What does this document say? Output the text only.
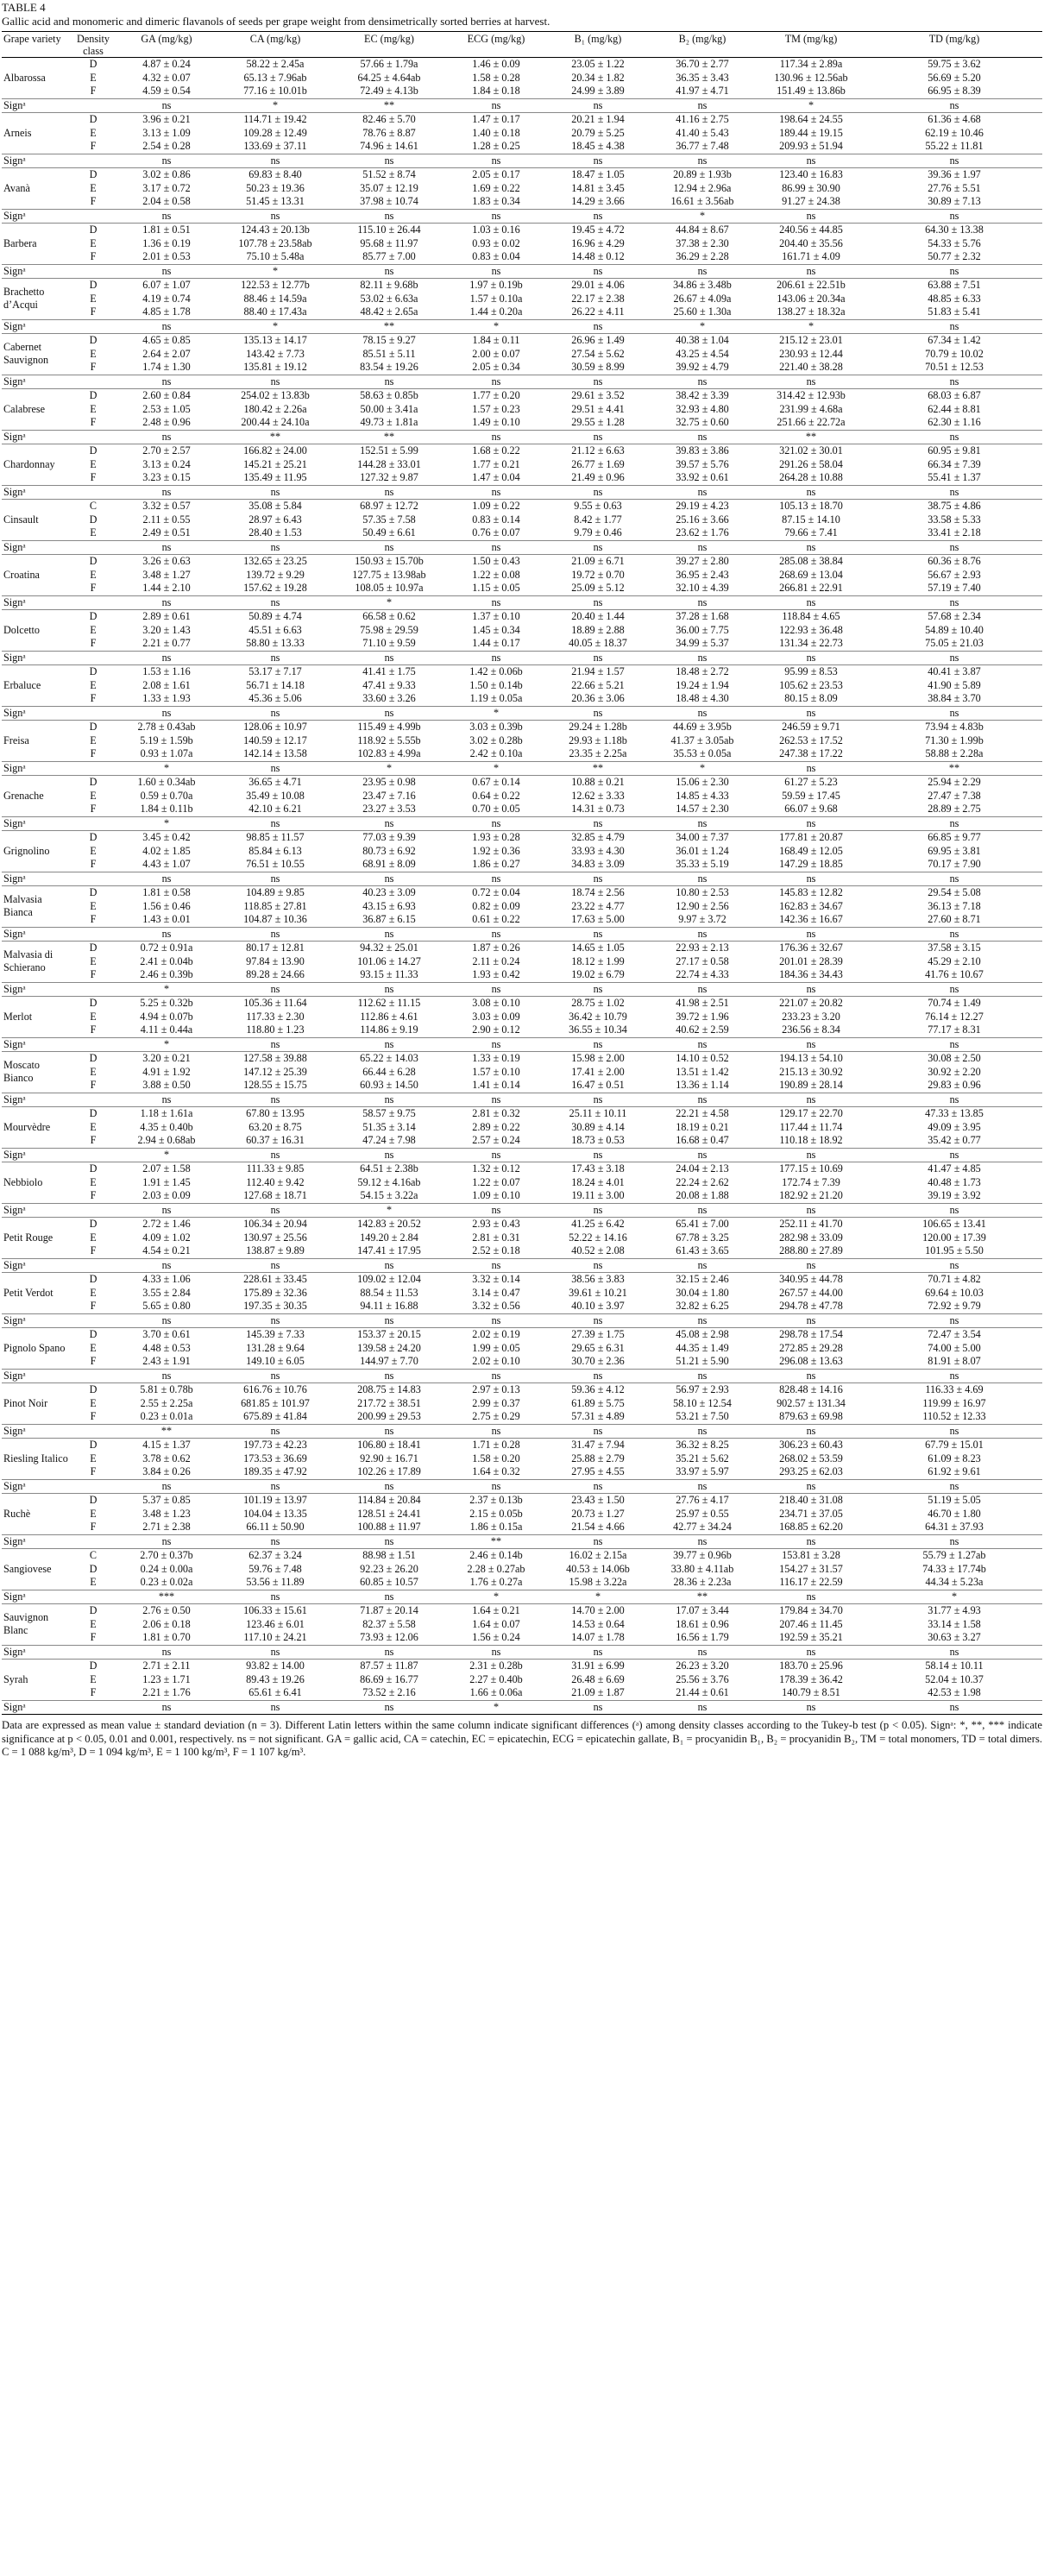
TABLE 4
Gallic acid and monomeric and dimeric flavanols of seeds per grape weight from densimetrically sorted berries at harvest.
Grape variety	Density class	GA (mg/kg)	CA (mg/kg)	EC (mg/kg)	ECG (mg/kg)	B₁ (mg/kg)	B₂ (mg/kg)	TM (mg/kg)	TD (mg/kg)
Albarossa	D	4.87 ± 0.24	58.22 ± 2.45a	57.66 ± 1.79a	1.46 ± 0.09	23.05 ± 1.22	36.70 ± 2.77	117.34 ± 2.89a	59.75 ± 3.62
	E	4.32 ± 0.07	65.13 ± 7.96ab	64.25 ± 4.64ab	1.58 ± 0.28	20.34 ± 1.82	36.35 ± 3.43	130.96 ± 12.56ab	56.69 ± 5.20
	F	4.59 ± 0.54	77.16 ± 10.01b	72.49 ± 4.13b	1.84 ± 0.18	24.99 ± 3.89	41.97 ± 4.71	151.49 ± 13.86b	66.95 ± 8.39
Signᵃ		ns	*	**	ns	ns	ns	*	ns
Arneis	D	3.96 ± 0.21	114.71 ± 19.42	82.46 ± 5.70	1.47 ± 0.17	20.21 ± 1.94	41.16 ± 2.75	198.64 ± 24.55	61.36 ± 4.68
	E	3.13 ± 1.09	109.28 ± 12.49	78.76 ± 8.87	1.40 ± 0.18	20.79 ± 5.25	41.40 ± 5.43	189.44 ± 19.15	62.19 ± 10.46
	F	2.54 ± 0.28	133.69 ± 37.11	74.96 ± 14.61	1.28 ± 0.25	18.45 ± 4.38	36.77 ± 7.48	209.93 ± 51.94	55.22 ± 11.81
Signᵃ		ns	ns	ns	ns	ns	ns	ns	ns
Avanà	D	3.02 ± 0.86	69.83 ± 8.40	51.52 ± 8.74	2.05 ± 0.17	18.47 ± 1.05	20.89 ± 1.93b	123.40 ± 16.83	39.36 ± 1.97
	E	3.17 ± 0.72	50.23 ± 19.36	35.07 ± 12.19	1.69 ± 0.22	14.81 ± 3.45	12.94 ± 2.96a	86.99 ± 30.90	27.76 ± 5.51
	F	2.04 ± 0.58	51.45 ± 13.31	37.98 ± 10.74	1.83 ± 0.34	14.29 ± 3.66	16.61 ± 3.56ab	91.27 ± 24.38	30.89 ± 7.13
Signᵃ		ns	ns	ns	ns	ns	*	ns	ns
Barbera	D	1.81 ± 0.51	124.43 ± 20.13b	115.10 ± 26.44	1.03 ± 0.16	19.45 ± 4.72	44.84 ± 8.67	240.56 ± 44.85	64.30 ± 13.38
	E	1.36 ± 0.19	107.78 ± 23.58ab	95.68 ± 11.97	0.93 ± 0.02	16.96 ± 4.29	37.38 ± 2.30	204.40 ± 35.56	54.33 ± 5.76
	F	2.01 ± 0.53	75.10 ± 5.48a	85.77 ± 7.00	0.83 ± 0.04	14.48 ± 0.12	36.29 ± 2.28	161.71 ± 4.09	50.77 ± 2.32
Signᵃ		ns	*	ns	ns	ns	ns	ns	ns
Brachetto d’Acqui	D	6.07 ± 1.07	122.53 ± 12.77b	82.11 ± 9.68b	1.97 ± 0.19b	29.01 ± 4.06	34.86 ± 3.48b	206.61 ± 22.51b	63.88 ± 7.51
	E	4.19 ± 0.74	88.46 ± 14.59a	53.02 ± 6.63a	1.57 ± 0.10a	22.17 ± 2.38	26.67 ± 4.09a	143.06 ± 20.34a	48.85 ± 6.33
	F	4.85 ± 1.78	88.40 ± 17.43a	48.42 ± 2.65a	1.44 ± 0.20a	26.22 ± 4.11	25.60 ± 1.30a	138.27 ± 18.32a	51.83 ± 5.41
Signᵃ		ns	*	**	*	ns	*	*	ns
Cabernet Sauvignon	D	4.65 ± 0.85	135.13 ± 14.17	78.15 ± 9.27	1.84 ± 0.11	26.96 ± 1.49	40.38 ± 1.04	215.12 ± 23.01	67.34 ± 1.42
	E	2.64 ± 2.07	143.42 ± 7.73	85.51 ± 5.11	2.00 ± 0.07	27.54 ± 5.62	43.25 ± 4.54	230.93 ± 12.44	70.79 ± 10.02
	F	1.74 ± 1.30	135.81 ± 19.12	83.54 ± 19.26	2.05 ± 0.34	30.59 ± 8.99	39.92 ± 4.79	221.40 ± 38.28	70.51 ± 12.53
Signᵃ		ns	ns	ns	ns	ns	ns	ns	ns
Calabrese	D	2.60 ± 0.84	254.02 ± 13.83b	58.63 ± 0.85b	1.77 ± 0.20	29.61 ± 3.52	38.42 ± 3.39	314.42 ± 12.93b	68.03 ± 6.87
	E	2.53 ± 1.05	180.42 ± 2.26a	50.00 ± 3.41a	1.57 ± 0.23	29.51 ± 4.41	32.93 ± 4.80	231.99 ± 4.68a	62.44 ± 8.81
	F	2.48 ± 0.96	200.44 ± 24.10a	49.73 ± 1.81a	1.49 ± 0.10	29.55 ± 1.28	32.75 ± 0.60	251.66 ± 22.72a	62.30 ± 1.16
Signᵃ		ns	**	**	ns	ns	ns	**	ns
Chardonnay	D	2.70 ± 2.57	166.82 ± 24.00	152.51 ± 5.99	1.68 ± 0.22	21.12 ± 6.63	39.83 ± 3.86	321.02 ± 30.01	60.95 ± 9.81
	E	3.13 ± 0.24	145.21 ± 25.21	144.28 ± 33.01	1.77 ± 0.21	26.77 ± 1.69	39.57 ± 5.76	291.26 ± 58.04	66.34 ± 7.39
	F	3.23 ± 0.15	135.49 ± 11.95	127.32 ± 9.87	1.47 ± 0.04	21.49 ± 0.96	33.92 ± 0.61	264.28 ± 10.88	55.41 ± 1.37
Signᵃ		ns	ns	ns	ns	ns	ns	ns	ns
Cinsault	C	3.32 ± 0.57	35.08 ± 5.84	68.97 ± 12.72	1.09 ± 0.22	9.55 ± 0.63	29.19 ± 4.23	105.13 ± 18.70	38.75 ± 4.86
	D	2.11 ± 0.55	28.97 ± 6.43	57.35 ± 7.58	0.83 ± 0.14	8.42 ± 1.77	25.16 ± 3.66	87.15 ± 14.10	33.58 ± 5.33
	E	2.49 ± 0.51	28.40 ± 1.53	50.49 ± 6.61	0.76 ± 0.07	9.79 ± 0.46	23.62 ± 1.76	79.66 ± 7.41	33.41 ± 2.18
Signᵃ		ns	ns	ns	ns	ns	ns	ns	ns
Croatina	D	3.26 ± 0.63	132.65 ± 23.25	150.93 ± 15.70b	1.50 ± 0.43	21.09 ± 6.71	39.27 ± 2.80	285.08 ± 38.84	60.36 ± 8.76
	E	3.48 ± 1.27	139.72 ± 9.29	127.75 ± 13.98ab	1.22 ± 0.08	19.72 ± 0.70	36.95 ± 2.43	268.69 ± 13.04	56.67 ± 2.93
	F	1.44 ± 2.10	157.62 ± 19.28	108.05 ± 10.97a	1.15 ± 0.05	25.09 ± 5.12	32.10 ± 4.39	266.81 ± 22.91	57.19 ± 7.40
Signᵃ		ns	ns	*	ns	ns	ns	ns	ns
Dolcetto	D	2.89 ± 0.61	50.89 ± 4.74	66.58 ± 0.62	1.37 ± 0.10	20.40 ± 1.44	37.28 ± 1.68	118.84 ± 4.65	57.68 ± 2.34
	E	3.20 ± 1.43	45.51 ± 6.63	75.98 ± 29.59	1.45 ± 0.34	18.89 ± 2.88	36.00 ± 7.75	122.93 ± 36.48	54.89 ± 10.40
	F	2.21 ± 0.77	58.80 ± 13.33	71.10 ± 9.59	1.44 ± 0.17	40.05 ± 18.37	34.99 ± 5.37	131.34 ± 22.73	75.05 ± 21.03
Signᵃ		ns	ns	ns	ns	ns	ns	ns	ns
Erbaluce	D	1.53 ± 1.16	53.17 ± 7.17	41.41 ± 1.75	1.42 ± 0.06b	21.94 ± 1.57	18.48 ± 2.72	95.99 ± 8.53	40.41 ± 3.87
	E	2.08 ± 1.61	56.71 ± 14.18	47.41 ± 9.33	1.50 ± 0.14b	22.66 ± 5.21	19.24 ± 1.94	105.62 ± 23.53	41.90 ± 5.89
	F	1.33 ± 1.93	45.36 ± 5.06	33.60 ± 3.26	1.19 ± 0.05a	20.36 ± 3.06	18.48 ± 4.30	80.15 ± 8.09	38.84 ± 3.70
Signᵃ		ns	ns	ns	*	ns	ns	ns	ns
Freisa	D	2.78 ± 0.43ab	128.06 ± 10.97	115.49 ± 4.99b	3.03 ± 0.39b	29.24 ± 1.28b	44.69 ± 3.95b	246.59 ± 9.71	73.94 ± 4.83b
	E	5.19 ± 1.59b	140.59 ± 12.17	118.92 ± 5.55b	3.02 ± 0.28b	29.93 ± 1.18b	41.37 ± 3.05ab	262.53 ± 17.52	71.30 ± 1.99b
	F	0.93 ± 1.07a	142.14 ± 13.58	102.83 ± 4.99a	2.42 ± 0.10a	23.35 ± 2.25a	35.53 ± 0.05a	247.38 ± 17.22	58.88 ± 2.28a
Signᵃ		*	ns	*	*	**	*	ns	**
Grenache	D	1.60 ± 0.34ab	36.65 ± 4.71	23.95 ± 0.98	0.67 ± 0.14	10.88 ± 0.21	15.06 ± 2.30	61.27 ± 5.23	25.94 ± 2.29
	E	0.59 ± 0.70a	35.49 ± 10.08	23.47 ± 7.16	0.64 ± 0.22	12.62 ± 3.33	14.85 ± 4.33	59.59 ± 17.45	27.47 ± 7.38
	F	1.84 ± 0.11b	42.10 ± 6.21	23.27 ± 3.53	0.70 ± 0.05	14.31 ± 0.73	14.57 ± 2.30	66.07 ± 9.68	28.89 ± 2.75
Signᵃ		*	ns	ns	ns	ns	ns	ns	ns
Grignolino	D	3.45 ± 0.42	98.85 ± 11.57	77.03 ± 9.39	1.93 ± 0.28	32.85 ± 4.79	34.00 ± 7.37	177.81 ± 20.87	66.85 ± 9.77
	E	4.02 ± 1.85	85.84 ± 6.13	80.73 ± 6.92	1.92 ± 0.36	33.93 ± 4.30	36.01 ± 1.24	168.49 ± 12.05	69.95 ± 3.81
	F	4.43 ± 1.07	76.51 ± 10.55	68.91 ± 8.09	1.86 ± 0.27	34.83 ± 3.09	35.33 ± 5.19	147.29 ± 18.85	70.17 ± 7.90
Signᵃ		ns	ns	ns	ns	ns	ns	ns	ns
Malvasia Bianca	D	1.81 ± 0.58	104.89 ± 9.85	40.23 ± 3.09	0.72 ± 0.04	18.74 ± 2.56	10.80 ± 2.53	145.83 ± 12.82	29.54 ± 5.08
	E	1.56 ± 0.46	118.85 ± 27.81	43.15 ± 6.93	0.82 ± 0.09	23.22 ± 4.77	12.90 ± 2.56	162.83 ± 34.67	36.13 ± 7.18
	F	1.43 ± 0.01	104.87 ± 10.36	36.87 ± 6.15	0.61 ± 0.22	17.63 ± 5.00	9.97 ± 3.72	142.36 ± 16.67	27.60 ± 8.71
Signᵃ		ns	ns	ns	ns	ns	ns	ns	ns
Malvasia di Schierano	D	0.72 ± 0.91a	80.17 ± 12.81	94.32 ± 25.01	1.87 ± 0.26	14.65 ± 1.05	22.93 ± 2.13	176.36 ± 32.67	37.58 ± 3.15
	E	2.41 ± 0.04b	97.84 ± 13.90	101.06 ± 14.27	2.11 ± 0.24	18.12 ± 1.99	27.17 ± 0.58	201.01 ± 28.39	45.29 ± 2.10
	F	2.46 ± 0.39b	89.28 ± 24.66	93.15 ± 11.33	1.93 ± 0.42	19.02 ± 6.79	22.74 ± 4.33	184.36 ± 34.43	41.76 ± 10.67
Signᵃ		*	ns	ns	ns	ns	ns	ns	ns
Merlot	D	5.25 ± 0.32b	105.36 ± 11.64	112.62 ± 11.15	3.08 ± 0.10	28.75 ± 1.02	41.98 ± 2.51	221.07 ± 20.82	70.74 ± 1.49
	E	4.94 ± 0.07b	117.33 ± 2.30	112.86 ± 4.61	3.03 ± 0.09	36.42 ± 10.79	39.72 ± 1.96	233.23 ± 3.20	76.14 ± 12.27
	F	4.11 ± 0.44a	118.80 ± 1.23	114.86 ± 9.19	2.90 ± 0.12	36.55 ± 10.34	40.62 ± 2.59	236.56 ± 8.34	77.17 ± 8.31
Signᵃ		*	ns	ns	ns	ns	ns	ns	ns
Moscato Bianco	D	3.20 ± 0.21	127.58 ± 39.88	65.22 ± 14.03	1.33 ± 0.19	15.98 ± 2.00	14.10 ± 0.52	194.13 ± 54.10	30.08 ± 2.50
	E	4.91 ± 1.92	147.12 ± 25.39	66.44 ± 6.28	1.57 ± 0.10	17.41 ± 2.00	13.51 ± 1.42	215.13 ± 30.92	30.92 ± 2.20
	F	3.88 ± 0.50	128.55 ± 15.75	60.93 ± 14.50	1.41 ± 0.14	16.47 ± 0.51	13.36 ± 1.14	190.89 ± 28.14	29.83 ± 0.96
Signᵃ		ns	ns	ns	ns	ns	ns	ns	ns
Mourvèdre	D	1.18 ± 1.61a	67.80 ± 13.95	58.57 ± 9.75	2.81 ± 0.32	25.11 ± 10.11	22.21 ± 4.58	129.17 ± 22.70	47.33 ± 13.85
	E	4.35 ± 0.40b	63.20 ± 8.75	51.35 ± 3.14	2.89 ± 0.22	30.89 ± 4.14	18.19 ± 0.21	117.44 ± 11.74	49.09 ± 3.95
	F	2.94 ± 0.68ab	60.37 ± 16.31	47.24 ± 7.98	2.57 ± 0.24	18.73 ± 0.53	16.68 ± 0.47	110.18 ± 18.92	35.42 ± 0.77
Signᵃ		*	ns	ns	ns	ns	ns	ns	ns
Nebbiolo	D	2.07 ± 1.58	111.33 ± 9.85	64.51 ± 2.38b	1.32 ± 0.12	17.43 ± 3.18	24.04 ± 2.13	177.15 ± 10.69	41.47 ± 4.85
	E	1.91 ± 1.45	112.40 ± 9.42	59.12 ± 4.16ab	1.22 ± 0.07	18.24 ± 4.01	22.24 ± 2.62	172.74 ± 7.39	40.48 ± 1.73
	F	2.03 ± 0.09	127.68 ± 18.71	54.15 ± 3.22a	1.09 ± 0.10	19.11 ± 3.00	20.08 ± 1.88	182.92 ± 21.20	39.19 ± 3.92
Signᵃ		ns	ns	*	ns	ns	ns	ns	ns
Petit Rouge	D	2.72 ± 1.46	106.34 ± 20.94	142.83 ± 20.52	2.93 ± 0.43	41.25 ± 6.42	65.41 ± 7.00	252.11 ± 41.70	106.65 ± 13.41
	E	4.09 ± 1.02	130.97 ± 25.56	149.20 ± 2.84	2.81 ± 0.31	52.22 ± 14.16	67.78 ± 3.25	282.98 ± 33.09	120.00 ± 17.39
	F	4.54 ± 0.21	138.87 ± 9.89	147.41 ± 17.95	2.52 ± 0.18	40.52 ± 2.08	61.43 ± 3.65	288.80 ± 27.89	101.95 ± 5.50
Signᵃ		ns	ns	ns	ns	ns	ns	ns	ns
Petit Verdot	D	4.33 ± 1.06	228.61 ± 33.45	109.02 ± 12.04	3.32 ± 0.14	38.56 ± 3.83	32.15 ± 2.46	340.95 ± 44.78	70.71 ± 4.82
	E	3.55 ± 2.84	175.89 ± 32.36	88.54 ± 11.53	3.14 ± 0.47	39.61 ± 10.21	30.04 ± 1.80	267.57 ± 44.00	69.64 ± 10.03
	F	5.65 ± 0.80	197.35 ± 30.35	94.11 ± 16.88	3.32 ± 0.56	40.10 ± 3.97	32.82 ± 6.25	294.78 ± 47.78	72.92 ± 9.79
Signᵃ		ns	ns	ns	ns	ns	ns	ns	ns
Pignolo Spano	D	3.70 ± 0.61	145.39 ± 7.33	153.37 ± 20.15	2.02 ± 0.19	27.39 ± 1.75	45.08 ± 2.98	298.78 ± 17.54	72.47 ± 3.54
	E	4.48 ± 0.53	131.28 ± 9.64	139.58 ± 24.20	1.99 ± 0.05	29.65 ± 6.31	44.35 ± 1.49	272.85 ± 29.28	74.00 ± 5.00
	F	2.43 ± 1.91	149.10 ± 6.05	144.97 ± 7.70	2.02 ± 0.10	30.70 ± 2.36	51.21 ± 5.90	296.08 ± 13.63	81.91 ± 8.07
Signᵃ		ns	ns	ns	ns	ns	ns	ns	ns
Pinot Noir	D	5.81 ± 0.78b	616.76 ± 10.76	208.75 ± 14.83	2.97 ± 0.13	59.36 ± 4.12	56.97 ± 2.93	828.48 ± 14.16	116.33 ± 4.69
	E	2.55 ± 2.25a	681.85 ± 101.97	217.72 ± 38.51	2.99 ± 0.37	61.89 ± 5.75	58.10 ± 12.54	902.57 ± 131.34	119.99 ± 16.97
	F	0.23 ± 0.01a	675.89 ± 41.84	200.99 ± 29.53	2.75 ± 0.29	57.31 ± 4.89	53.21 ± 7.50	879.63 ± 69.98	110.52 ± 12.33
Signᵃ		**	ns	ns	ns	ns	ns	ns	ns
Riesling Italico	D	4.15 ± 1.37	197.73 ± 42.23	106.80 ± 18.41	1.71 ± 0.28	31.47 ± 7.94	36.32 ± 8.25	306.23 ± 60.43	67.79 ± 15.01
	E	3.78 ± 0.62	173.53 ± 36.69	92.90 ± 16.71	1.58 ± 0.20	25.88 ± 2.79	35.21 ± 5.62	268.02 ± 53.59	61.09 ± 8.23
	F	3.84 ± 0.26	189.35 ± 47.92	102.26 ± 17.89	1.64 ± 0.32	27.95 ± 4.55	33.97 ± 5.97	293.25 ± 62.03	61.92 ± 9.61
Signᵃ		ns	ns	ns	ns	ns	ns	ns	ns
Ruchè	D	5.37 ± 0.85	101.19 ± 13.97	114.84 ± 20.84	2.37 ± 0.13b	23.43 ± 1.50	27.76 ± 4.17	218.40 ± 31.08	51.19 ± 5.05
	E	3.48 ± 1.23	104.04 ± 13.35	128.51 ± 24.41	2.15 ± 0.05b	20.73 ± 1.27	25.97 ± 0.55	234.71 ± 37.05	46.70 ± 1.80
	F	2.71 ± 2.38	66.11 ± 50.90	100.88 ± 11.97	1.86 ± 0.15a	21.54 ± 4.66	42.77 ± 34.24	168.85 ± 62.20	64.31 ± 37.93
Signᵃ		ns	ns	ns	**	ns	ns	ns	ns
Sangiovese	C	2.70 ± 0.37b	62.37 ± 3.24	88.98 ± 1.51	2.46 ± 0.14b	16.02 ± 2.15a	39.77 ± 0.96b	153.81 ± 3.28	55.79 ± 1.27ab
	D	0.24 ± 0.00a	59.76 ± 7.48	92.23 ± 26.20	2.28 ± 0.27ab	40.53 ± 14.06b	33.80 ± 4.11ab	154.27 ± 31.57	74.33 ± 17.74b
	E	0.23 ± 0.02a	53.56 ± 11.89	60.85 ± 10.57	1.76 ± 0.27a	15.98 ± 3.22a	28.36 ± 2.23a	116.17 ± 22.59	44.34 ± 5.23a
Signᵃ		***	ns	ns	*	*	**	ns	*
Sauvignon Blanc	D	2.76 ± 0.50	106.33 ± 15.61	71.87 ± 20.14	1.64 ± 0.21	14.70 ± 2.00	17.07 ± 3.44	179.84 ± 34.70	31.77 ± 4.93
	E	2.06 ± 0.18	123.46 ± 6.01	82.37 ± 5.58	1.64 ± 0.07	14.53 ± 0.64	18.61 ± 0.96	207.46 ± 11.45	33.14 ± 1.58
	F	1.81 ± 0.70	117.10 ± 24.21	73.93 ± 12.06	1.56 ± 0.24	14.07 ± 1.78	16.56 ± 1.79	192.59 ± 35.21	30.63 ± 3.27
Signᵃ		ns	ns	ns	ns	ns	ns	ns	ns
Syrah	D	2.71 ± 2.11	93.82 ± 14.00	87.57 ± 11.87	2.31 ± 0.28b	31.91 ± 6.99	26.23 ± 3.20	183.70 ± 25.96	58.14 ± 10.11
	E	1.23 ± 1.71	89.43 ± 19.26	86.69 ± 16.77	2.27 ± 0.40b	26.48 ± 6.69	25.56 ± 3.76	178.39 ± 36.42	52.04 ± 10.37
	F	2.21 ± 1.76	65.61 ± 6.41	73.52 ± 2.16	1.66 ± 0.06a	21.09 ± 1.87	21.44 ± 0.61	140.79 ± 8.51	42.53 ± 1.98
Signᵃ		ns	ns	ns	*	ns	ns	ns	ns
Data are expressed as mean value ± standard deviation (n = 3). Different Latin letters within the same column indicate significant differences (ᵃ) among density classes according to the Tukey-b test (p < 0.05). Signᵃ: *, **, *** indicate significance at p < 0.05, 0.01 and 0.001, respectively. ns = not significant. GA = gallic acid, CA = catechin, EC = epicatechin, ECG = epicatechin gallate, B₁ = procyanidin B₁, B₂ = procyanidin B₂, TM = total monomers, TD = total dimers. C = 1 088 kg/m³, D = 1 094 kg/m³, E = 1 100 kg/m³, F = 1 107 kg/m³.
